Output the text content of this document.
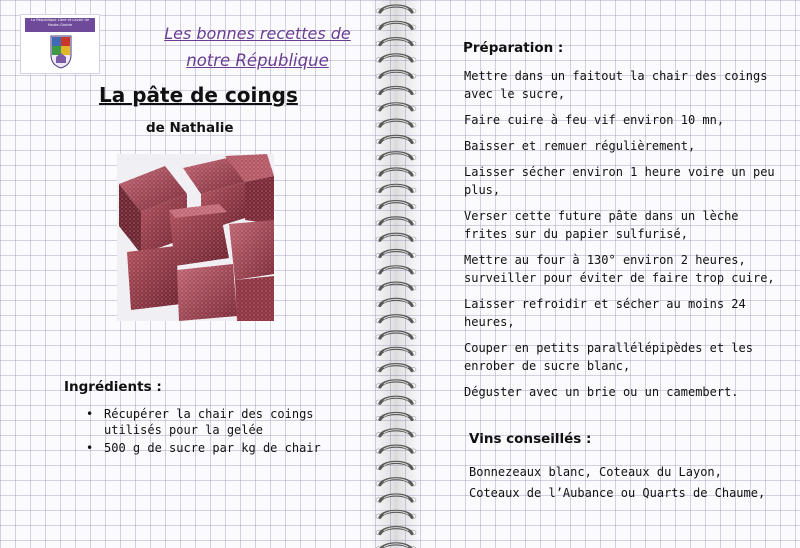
La République Libre et Lavoir de Haute-Groirie	Les bonnes recettes de
notre République
La pâte de coings
de Nathalie
Ingrédients :
• Récupérer la chair des coings utilisés pour la gelée
• 500 g de sucre par kg de chair
Préparation :
Mettre dans un faitout la chair des coings avec le sucre,
Faire cuire à feu vif environ 10 mn,
Baisser et remuer régulièrement,
Laisser sécher environ 1 heure voire un peu plus,
Verser cette future pâte dans un lèche frites sur du papier sulfurisé,
Mettre au four à 130° environ 2 heures, surveiller pour éviter de faire trop cuire,
Laisser refroidir et sécher au moins 24 heures,
Couper en petits parallélépipèdes et les enrober de sucre blanc,
Déguster avec un brie ou un camembert.
Vins conseillés :
Bonnezeaux blanc, Coteaux du Layon,
Coteaux de l’Aubance ou Quarts de Chaume,
